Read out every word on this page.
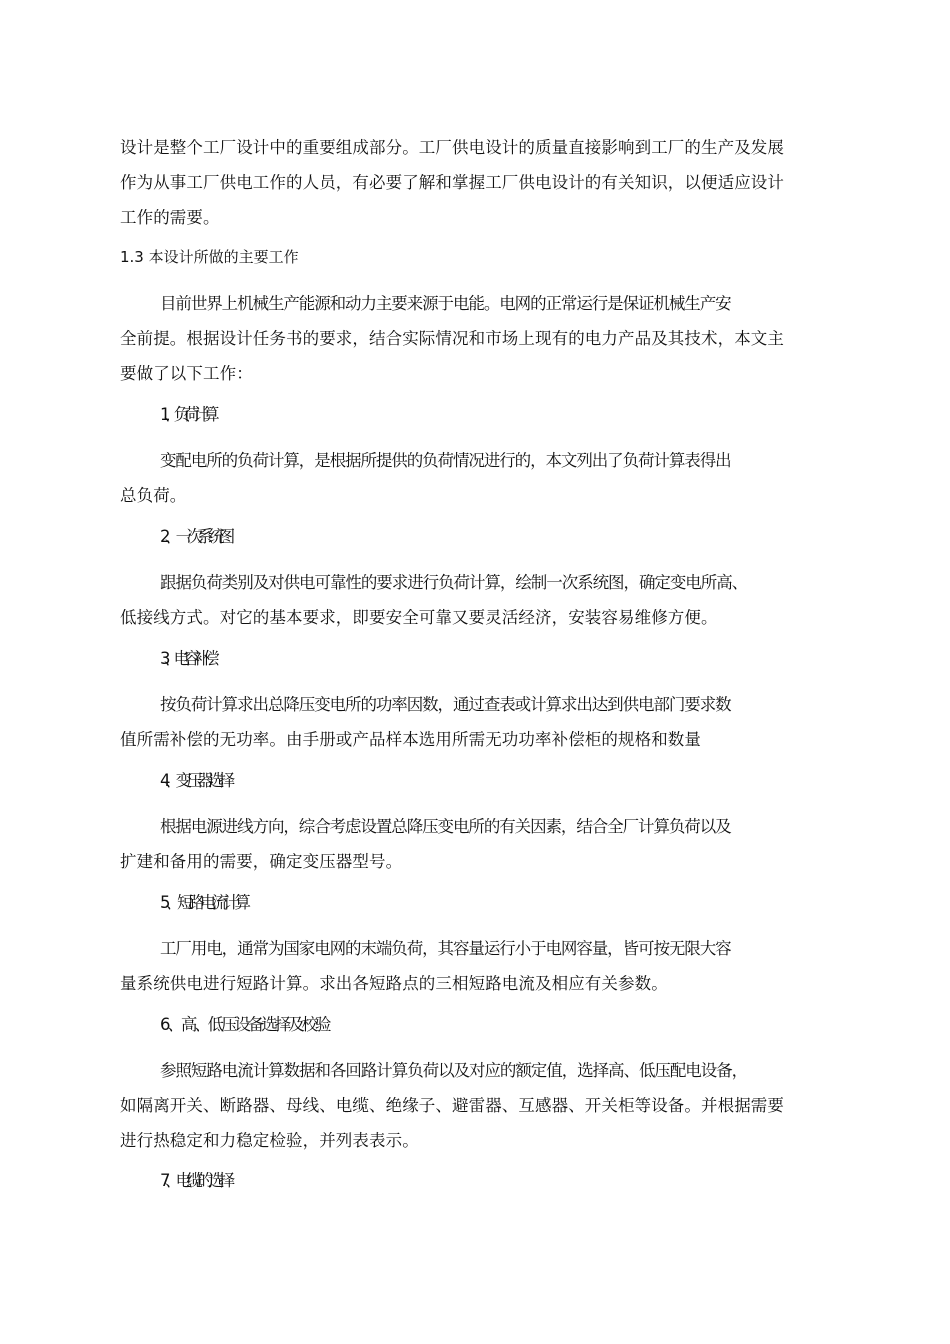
设计是整个工厂设计中的重要组成部分。工厂供电设计的质量直接影响到工厂的生产及发展
作为从事工厂供电工作的人员，有必要了解和掌握工厂供电设计的有关知识，以便适应设计
工作的需要。
1.3 本设计所做的主要工作
目前世界上机械生产能源和动力主要来源于电能。电网的正常运行是保证机械生产安
全前提。根据设计任务书的要求，结合实际情况和市场上现有的电力产品及其技术，本文主
要做了以下工作：
1、负荷计算
变配电所的负荷计算，是根据所提供的负荷情况进行的，本文列出了负荷计算表得出
总负荷。
2、一次系统图
跟据负荷类别及对供电可靠性的要求进行负荷计算，绘制一次系统图，确定变电所高、
低接线方式。对它的基本要求，即要安全可靠又要灵活经济，安装容易维修方便。
3、电容补偿
按负荷计算求出总降压变电所的功率因数，通过查表或计算求出达到供电部门要求数
值所需补偿的无功率。由手册或产品样本选用所需无功功率补偿柜的规格和数量
4、变压器选择
根据电源进线方向，综合考虑设置总降压变电所的有关因素，结合全厂计算负荷以及
扩建和备用的需要，确定变压器型号。
5、短路电流计算
工厂用电，通常为国家电网的末端负荷，其容量运行小于电网容量，皆可按无限大容
量系统供电进行短路计算。求出各短路点的三相短路电流及相应有关参数。
6、高、低压设备选择及校验
参照短路电流计算数据和各回路计算负荷以及对应的额定值，选择高、低压配电设备，
如隔离开关、断路器、母线、电缆、绝缘子、避雷器、互感器、开关柜等设备。并根据需要
进行热稳定和力稳定检验，并列表表示。
7、电缆的选择
